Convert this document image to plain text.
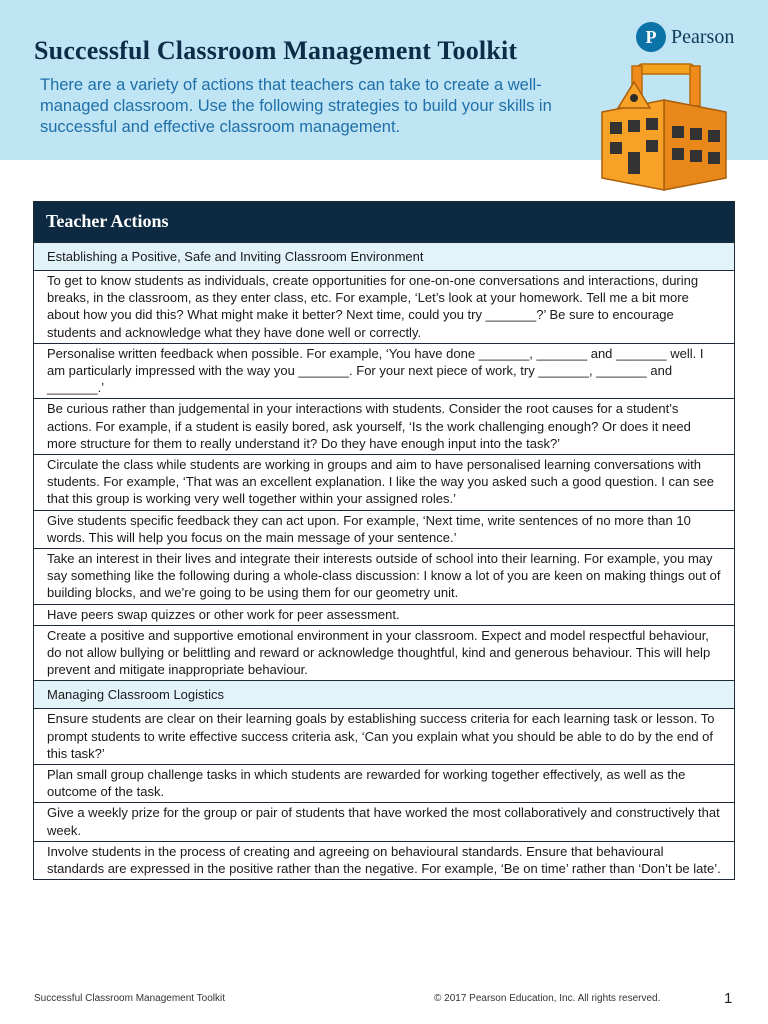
Successful Classroom Management Toolkit

There are a variety of actions that teachers can take to create a well-managed classroom. Use the following strategies to build your skills in successful and effective classroom management.

P Pearson
Teacher Actions
Establishing a Positive, Safe and Inviting Classroom Environment
To get to know students as individuals, create opportunities for one-on-one conversations and interactions, during breaks, in the classroom, as they enter class, etc. For example, ‘Let’s look at your homework. Tell me a bit more about how you did this? What might make it better? Next time, could you try _______?’ Be sure to encourage students and acknowledge what they have done well or correctly.
Personalise written feedback when possible. For example, ‘You have done _______, _______ and _______ well. I am particularly impressed with the way you _______. For your next piece of work, try _______, _______ and _______.’
Be curious rather than judgemental in your interactions with students. Consider the root causes for a student’s actions. For example, if a student is easily bored, ask yourself, ‘Is the work challenging enough? Or does it need more structure for them to really understand it? Do they have enough input into the task?’
Circulate the class while students are working in groups and aim to have personalised learning conversations with students. For example, ‘That was an excellent explanation. I like the way you asked such a good question. I can see that this group is working very well together within your assigned roles.’
Give students specific feedback they can act upon. For example, ‘Next time, write sentences of no more than 10 words. This will help you focus on the main message of your sentence.’
Take an interest in their lives and integrate their interests outside of school into their learning. For example, you may say something like the following during a whole-class discussion: I know a lot of you are keen on making things out of building blocks, and we’re going to be using them for our geometry unit.
Have peers swap quizzes or other work for peer assessment.
Create a positive and supportive emotional environment in your classroom. Expect and model respectful behaviour, do not allow bullying or belittling and reward or acknowledge thoughtful, kind and generous behaviour. This will help prevent and mitigate inappropriate behaviour.
Managing Classroom Logistics
Ensure students are clear on their learning goals by establishing success criteria for each learning task or lesson. To prompt students to write effective success criteria ask, ‘Can you explain what you should be able to do by the end of this task?’
Plan small group challenge tasks in which students are rewarded for working together effectively, as well as the outcome of the task.
Give a weekly prize for the group or pair of students that have worked the most collaboratively and constructively that week.
Involve students in the process of creating and agreeing on behavioural standards. Ensure that behavioural standards are expressed in the positive rather than the negative. For example, ‘Be on time’ rather than ‘Don’t be late’.
Successful Classroom Management Toolkit	© 2017 Pearson Education, Inc. All rights reserved.	1
